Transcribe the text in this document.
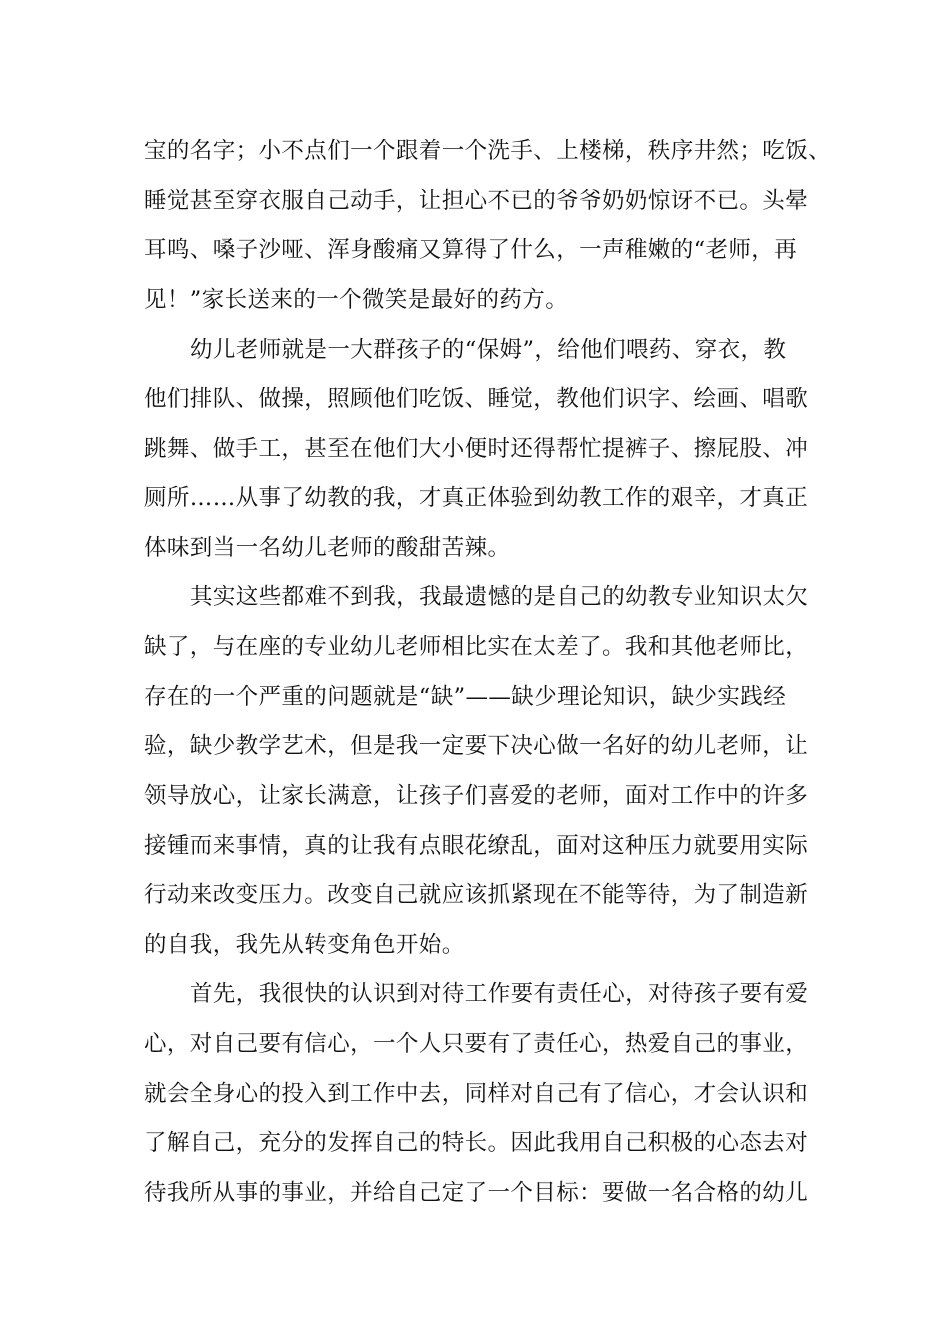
宝的名字；小不点们一个跟着一个洗手、上楼梯，秩序井然；吃饭、
睡觉甚至穿衣服自己动手，让担心不已的爷爷奶奶惊讶不已。头晕
耳鸣、嗓子沙哑、浑身酸痛又算得了什么，一声稚嫩的“老师，再
见！”家长送来的一个微笑是最好的药方。
幼儿老师就是一大群孩子的“保姆”，给他们喂药、穿衣，教
他们排队、做操，照顾他们吃饭、睡觉，教他们识字、绘画、唱歌
跳舞、做手工，甚至在他们大小便时还得帮忙提裤子、擦屁股、冲
厕所……从事了幼教的我，才真正体验到幼教工作的艰辛，才真正
体味到当一名幼儿老师的酸甜苦辣。
其实这些都难不到我，我最遗憾的是自己的幼教专业知识太欠
缺了，与在座的专业幼儿老师相比实在太差了。我和其他老师比，
存在的一个严重的问题就是“缺”——缺少理论知识，缺少实践经
验，缺少教学艺术，但是我一定要下决心做一名好的幼儿老师，让
领导放心，让家长满意，让孩子们喜爱的老师，面对工作中的许多
接锺而来事情，真的让我有点眼花缭乱，面对这种压力就要用实际
行动来改变压力。改变自己就应该抓紧现在不能等待，为了制造新
的自我，我先从转变角色开始。
首先，我很快的认识到对待工作要有责任心，对待孩子要有爱
心，对自己要有信心，一个人只要有了责任心，热爱自己的事业，
就会全身心的投入到工作中去，同样对自己有了信心，才会认识和
了解自己，充分的发挥自己的特长。因此我用自己积极的心态去对
待我所从事的事业，并给自己定了一个目标：要做一名合格的幼儿
